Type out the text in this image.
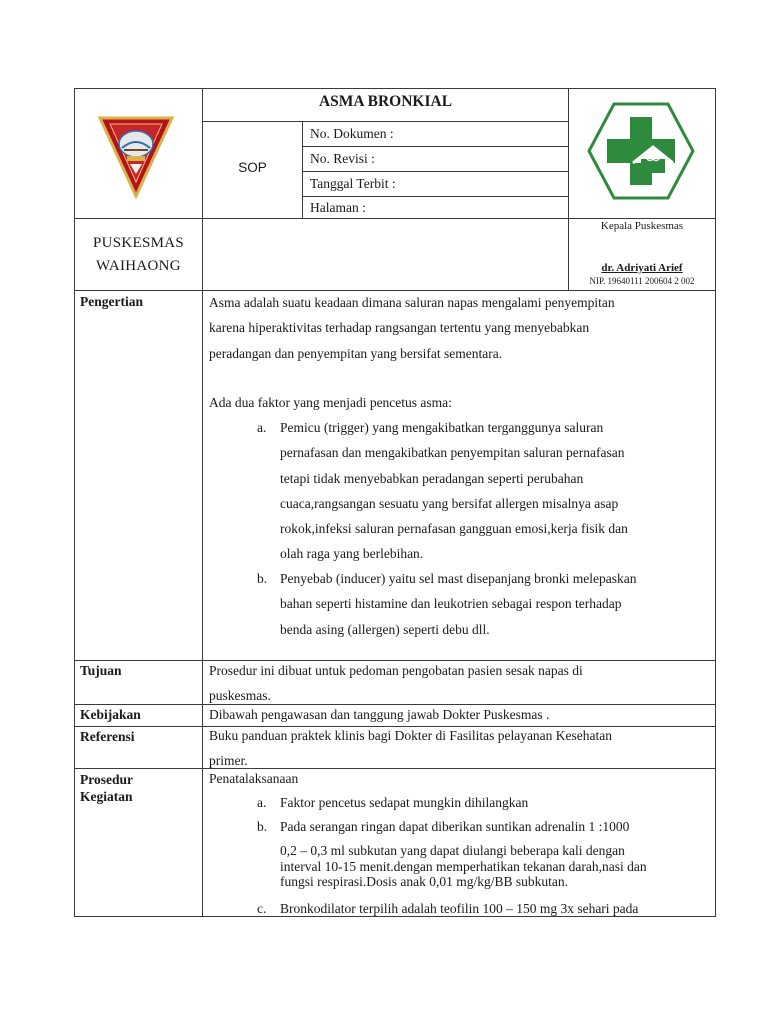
ASMA BRONKIAL
SOP
No. Dokumen :
No. Revisi :
Tanggal Terbit :
Halaman :
PUSKESMAS
WAIHAONG
Kepala Puskesmas
dr. Adriyati Arief
NIP. 19640111 200604 2 002
Pengertian	Asma adalah suatu keadaan dimana saluran napas mengalami penyempitan
karena hiperaktivitas terhadap rangsangan tertentu yang menyebabkan
peradangan dan penyempitan yang bersifat sementara.
Ada dua faktor yang menjadi pencetus asma:
a. Pemicu (trigger) yang mengakibatkan terganggunya saluran
pernafasan dan mengakibatkan penyempitan saluran pernafasan
tetapi tidak menyebabkan peradangan seperti perubahan
cuaca,rangsangan sesuatu yang bersifat allergen misalnya asap
rokok,infeksi saluran pernafasan gangguan emosi,kerja fisik dan
olah raga yang berlebihan.
b. Penyebab (inducer) yaitu sel mast disepanjang bronki melepaskan
bahan seperti histamine dan leukotrien sebagai respon terhadap
benda asing (allergen) seperti debu dll.
Tujuan	Prosedur ini dibuat untuk pedoman pengobatan pasien sesak napas di
puskesmas.
Kebijakan	Dibawah pengawasan dan tanggung jawab Dokter Puskesmas .
Referensi	Buku panduan praktek klinis bagi Dokter di Fasilitas pelayanan Kesehatan
primer.
Prosedur
Kegiatan
Penatalaksanaan
a. Faktor pencetus sedapat mungkin dihilangkan
b. Pada serangan ringan dapat diberikan suntikan adrenalin 1 :1000
0,2 – 0,3 ml subkutan yang dapat diulangi beberapa kali dengan
interval 10-15 menit.dengan memperhatikan tekanan darah,nasi dan
fungsi respirasi.Dosis anak 0,01 mg/kg/BB subkutan.
c. Bronkodilator terpilih adalah teofilin 100 – 150 mg 3x sehari pada
